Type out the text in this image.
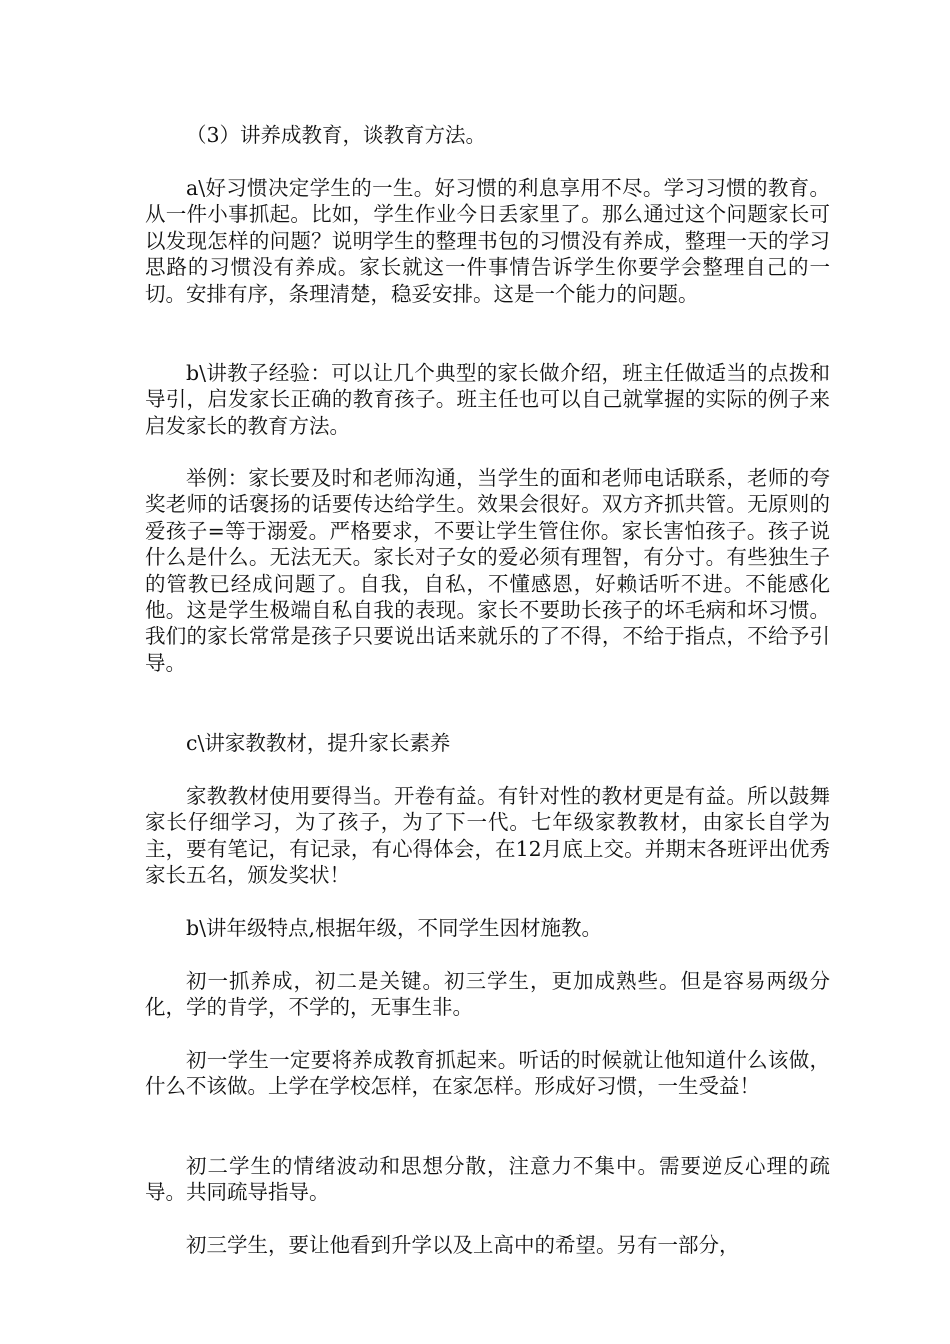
（3）讲养成教育，谈教育方法。

a\好习惯决定学生的一生。好习惯的利息享用不尽。学习习惯的教育。从一件小事抓起。比如，学生作业今日丢家里了。那么通过这个问题家长可以发现怎样的问题？说明学生的整理书包的习惯没有养成，整理一天的学习思路的习惯没有养成。家长就这一件事情告诉学生你要学会整理自己的一切。安排有序，条理清楚，稳妥安排。这是一个能力的问题。

b\讲教子经验：可以让几个典型的家长做介绍，班主任做适当的点拨和导引，启发家长正确的教育孩子。班主任也可以自己就掌握的实际的例子来启发家长的教育方法。

举例：家长要及时和老师沟通，当学生的面和老师电话联系，老师的夸奖老师的话褒扬的话要传达给学生。效果会很好。双方齐抓共管。无原则的爱孩子=等于溺爱。严格要求，不要让学生管住你。家长害怕孩子。孩子说什么是什么。无法无天。家长对子女的爱必须有理智，有分寸。有些独生子的管教已经成问题了。自我，自私，不懂感恩，好赖话听不进。不能感化他。这是学生极端自私自我的表现。家长不要助长孩子的坏毛病和坏习惯。我们的家长常常是孩子只要说出话来就乐的了不得，不给于指点，不给予引导。

c\讲家教教材，提升家长素养

家教教材使用要得当。开卷有益。有针对性的教材更是有益。所以鼓舞家长仔细学习，为了孩子，为了下一代。七年级家教教材，由家长自学为主，要有笔记，有记录，有心得体会，在12月底上交。并期末各班评出优秀家长五名，颁发奖状！

b\讲年级特点,根据年级，不同学生因材施教。

初一抓养成，初二是关键。初三学生，更加成熟些。但是容易两级分化，学的肯学，不学的，无事生非。

初一学生一定要将养成教育抓起来。听话的时候就让他知道什么该做，什么不该做。上学在学校怎样，在家怎样。形成好习惯，一生受益！

初二学生的情绪波动和思想分散，注意力不集中。需要逆反心理的疏导。共同疏导指导。

初三学生，要让他看到升学以及上高中的希望。另有一部分，
